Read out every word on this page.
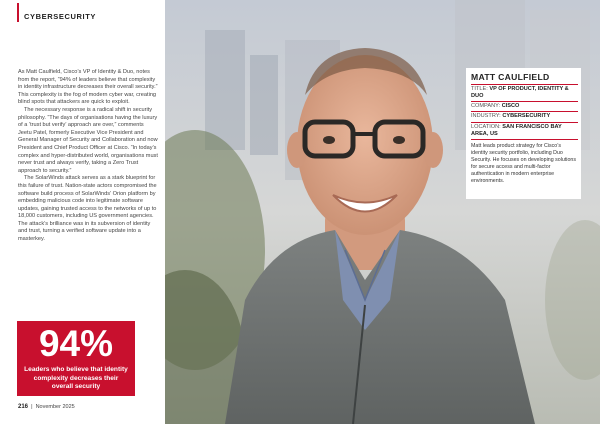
CYBERSECURITY

As Matt Caulfield, Cisco’s VP of Identity & Duo, notes from the report, “94% of leaders believe that complexity in identity infrastructure decreases their overall security.” This complexity is the fog of modern cyber war, creating blind spots that attackers are quick to exploit.

The necessary response is a radical shift in security philosophy. “The days of organisations having the luxury of a ‘trust but verify’ approach are over,” comments Jeetu Patel, formerly Executive Vice President and General Manager of Security and Collaboration and now President and Chief Product Officer at Cisco. “In today’s complex and hyper-distributed world, organisations must never trust and always verify, taking a Zero Trust approach to security.”

The SolarWinds attack serves as a stark blueprint for this failure of trust. Nation-state actors compromised the software build process of SolarWinds’ Orion platform by embedding malicious code into legitimate software updates, gaining trusted access to the networks of up to 18,000 customers, including US government agencies. The attack’s brilliance was in its subversion of identity and trust, turning a verified software update into a masterkey.

94%
Leaders who believe that identity complexity decreases their overall security
216  |  November 2025
MATT CAULFIELD
TITLE: VP OF PRODUCT, IDENTITY & DUO
COMPANY: CISCO
INDUSTRY: CYBERSECURITY
LOCATION: SAN FRANCISCO BAY AREA, US
Matt leads product strategy for Cisco’s identity security portfolio, including Duo Security. He focuses on developing solutions for secure access and multi-factor authentication in modern enterprise environments.
